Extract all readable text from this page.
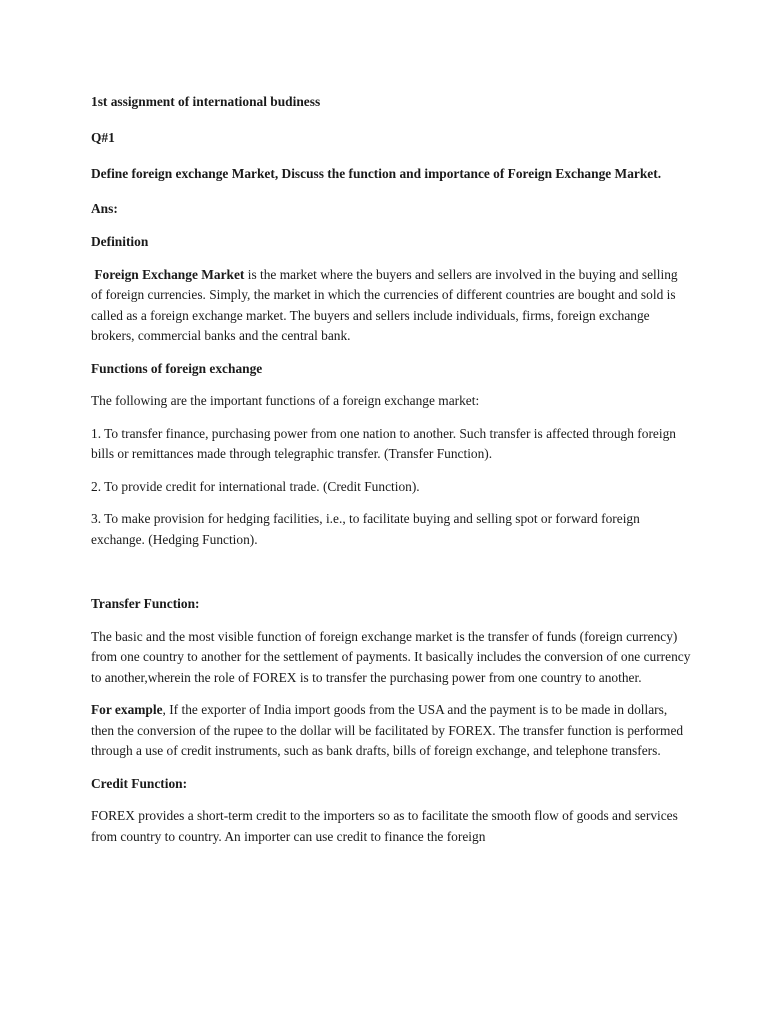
1st assignment of international budiness

Q#1

Define foreign exchange Market, Discuss the function and importance of Foreign Exchange Market.

Ans:

Definition

Foreign Exchange Market is the market where the buyers and sellers are involved in the buying and selling of foreign currencies. Simply, the market in which the currencies of different countries are bought and sold is called as a foreign exchange market. The buyers and sellers include individuals, firms, foreign exchange brokers, commercial banks and the central bank.

Functions of foreign exchange

The following are the important functions of a foreign exchange market:

1. To transfer finance, purchasing power from one nation to another. Such transfer is affected through foreign bills or remittances made through telegraphic transfer. (Transfer Function).

2. To provide credit for international trade. (Credit Function).

3. To make provision for hedging facilities, i.e., to facilitate buying and selling spot or forward foreign exchange. (Hedging Function).

Transfer Function:

The basic and the most visible function of foreign exchange market is the transfer of funds (foreign currency) from one country to another for the settlement of payments. It basically includes the conversion of one currency to another,wherein the role of FOREX is to transfer the purchasing power from one country to another.

For example, If the exporter of India import goods from the USA and the payment is to be made in dollars, then the conversion of the rupee to the dollar will be facilitated by FOREX. The transfer function is performed through a use of credit instruments, such as bank drafts, bills of foreign exchange, and telephone transfers.

Credit Function:

FOREX provides a short-term credit to the importers so as to facilitate the smooth flow of goods and services from country to country. An importer can use credit to finance the foreign
